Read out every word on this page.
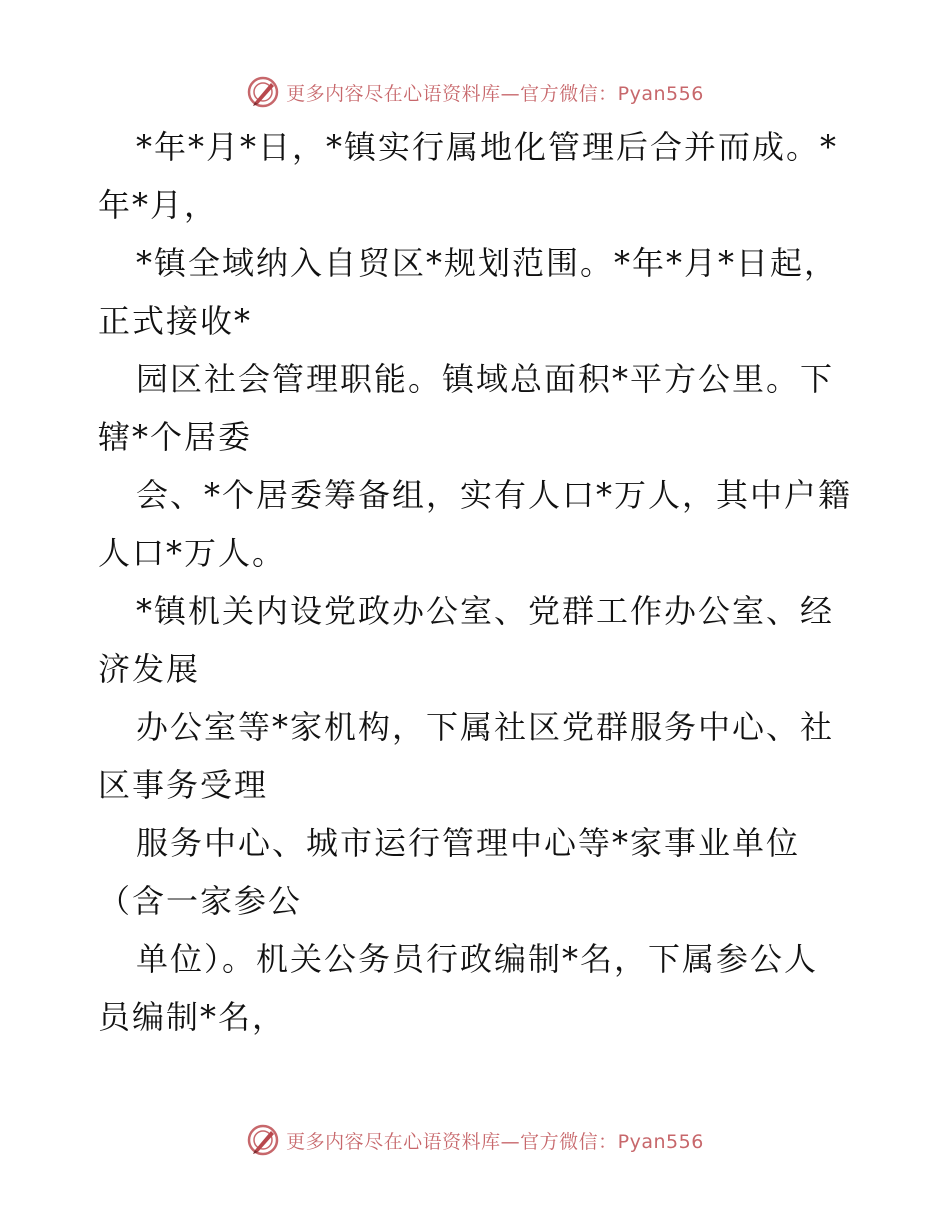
更多内容尽在心语资料库—官方微信：Pyan556
*年*月*日，*镇实行属地化管理后合并而成。*
年*月，
*镇全域纳入自贸区*规划范围。*年*月*日起，
正式接收*
园区社会管理职能。镇域总面积*平方公里。下
辖*个居委
会、*个居委筹备组，实有人口*万人，其中户籍
人口*万人。
*镇机关内设党政办公室、党群工作办公室、经
济发展
办公室等*家机构，下属社区党群服务中心、社
区事务受理
服务中心、城市运行管理中心等*家事业单位
（含一家参公
单位）。机关公务员行政编制*名，下属参公人
员编制*名，
更多内容尽在心语资料库—官方微信：Pyan556
